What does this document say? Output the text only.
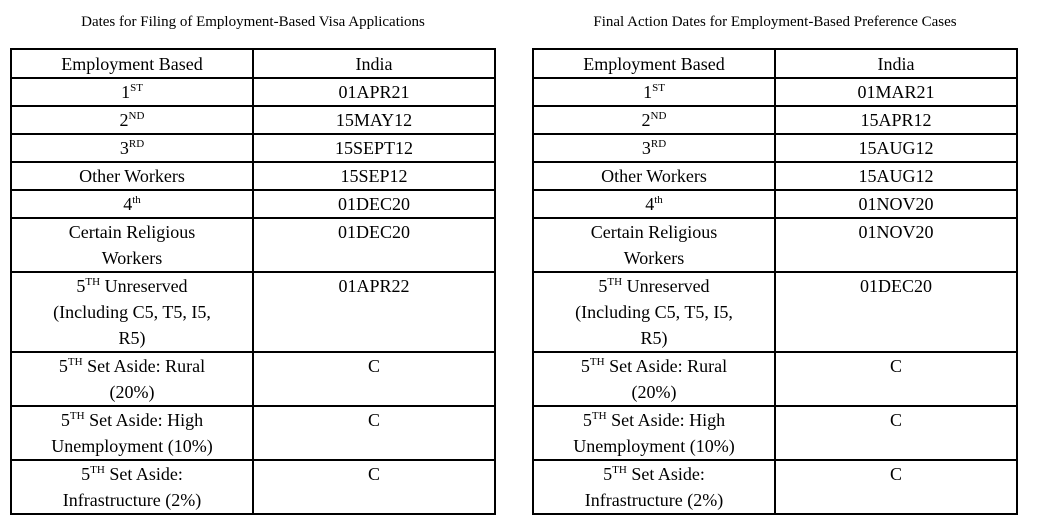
Dates for Filing of Employment-Based Visa Applications
Employment Based	India
1ST	01APR21
2ND	15MAY12
3RD	15SEPT12
Other Workers	15SEP12
4th	01DEC20
Certain Religious
Workers	01DEC20
5TH Unreserved
(Including C5, T5, I5,
R5)	01APR22
5TH Set Aside: Rural
(20%)	C
5TH Set Aside: High
Unemployment (10%)	C
5TH Set Aside:
Infrastructure (2%)	C
Final Action Dates for Employment-Based Preference Cases
Employment Based	India
1ST	01MAR21
2ND	15APR12
3RD	15AUG12
Other Workers	15AUG12
4th	01NOV20
Certain Religious
Workers	01NOV20
5TH Unreserved
(Including C5, T5, I5,
R5)	01DEC20
5TH Set Aside: Rural
(20%)	C
5TH Set Aside: High
Unemployment (10%)	C
5TH Set Aside:
Infrastructure (2%)	C
